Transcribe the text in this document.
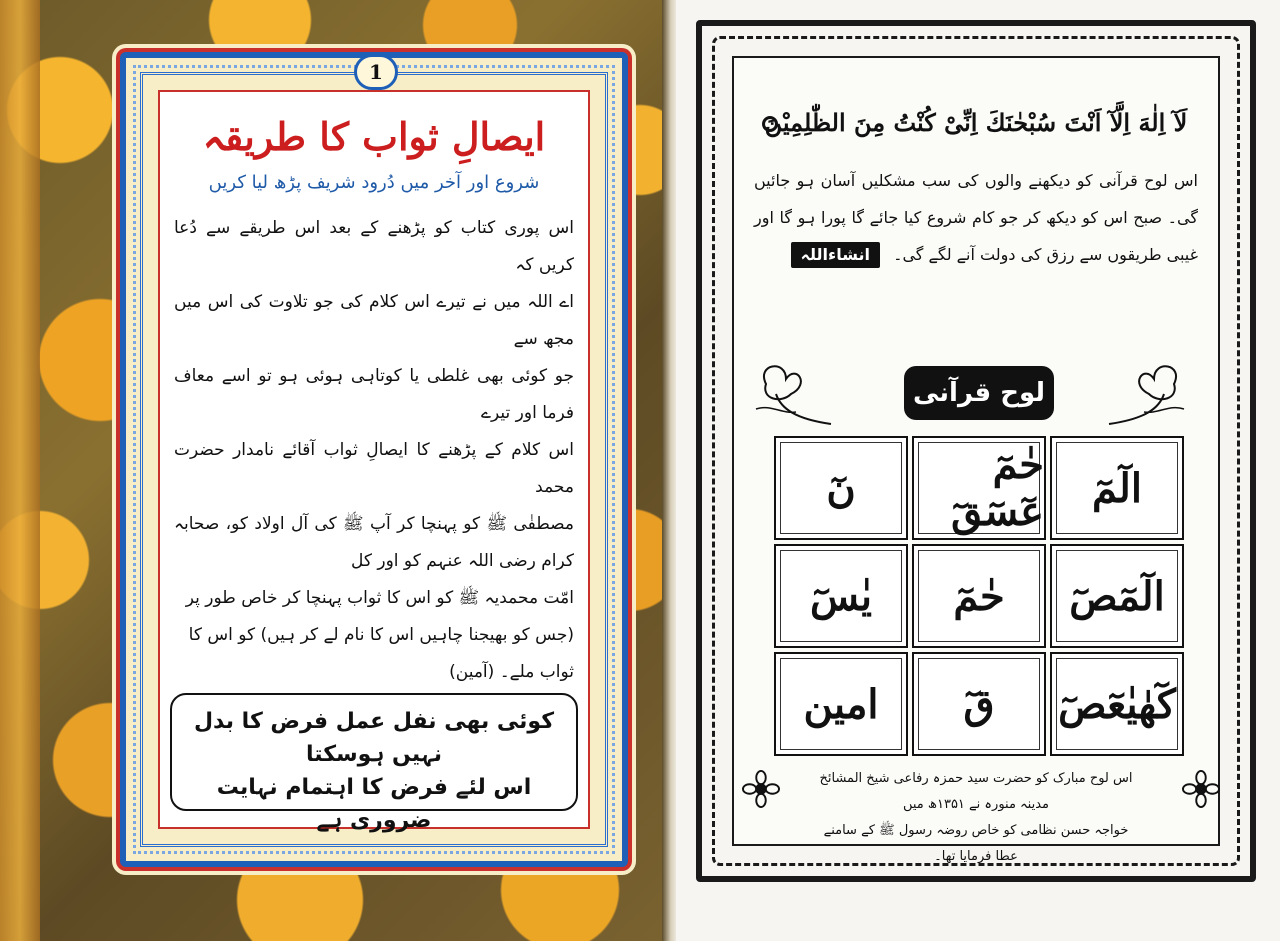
ایصالِ ثواب کا طریقہ
شروع اور آخر میں دُرود شریف پڑھ لیا کریں

اس پوری کتاب کو پڑھنے کے بعد اس طریقے سے دُعا کریں کہ

اے اللہ میں نے تیرے اس کلام کی جو تلاوت کی اس میں مجھ سے

جو کوئی بھی غلطی یا کوتاہی ہوئی ہو تو اسے معاف فرما اور تیرے

اس کلام کے پڑھنے کا ایصالِ ثواب آقائے نامدار حضرت محمد

مصطفٰی ﷺ کو پہنچا کر آپ ﷺ کی آل اولاد کو، صحابہ کرام رضی اللہ عنہم کو اور کل

امّت محمدیہ ﷺ کو اس کا ثواب پہنچا کر خاص طور پر

(جس کو بھیجنا چاہیں اس کا نام لے کر ہیں) کو اس کا

ثواب ملے۔ (آمین)

کوئی بھی نفل عمل فرض کا بدل نہیں ہوسکتا
اس لئے فرض کا اہتمام نہایت ضروری ہے
1
لَآ اِلٰهَ اِلَّآ اَنْتَ سُبْحٰنَكَ اِنِّىْ كُنْتُ مِنَ الظّٰلِمِيْنَ
اس لوح قرآنی کو دیکھنے والوں کی سب مشکلیں آسان ہو جائیں گی۔ صبح اس کو دیکھ کر جو کام شروع کیا جائے گا پورا ہو گا اور غیبی طریقوں سے رزق کی دولت آنے لگے گی۔ انشاءاللہ
لوح قرآنی
الٓمٓ
حٰمٓ عٓسٓقٓ
نٓ
الٓمٓصٓ
حٰمٓ
یٰسٓ
كٓهٰيٰعٓصٓ
قٓ
امین
اس لوح مبارک کو حضرت سید حمزہ رفاعی شیخ المشائخ مدینہ منورہ نے ۱۳۵۱ھ میں
خواجہ حسن نظامی کو خاص روضہ رسول ﷺ کے سامنے عطا فرمایا تھا۔
